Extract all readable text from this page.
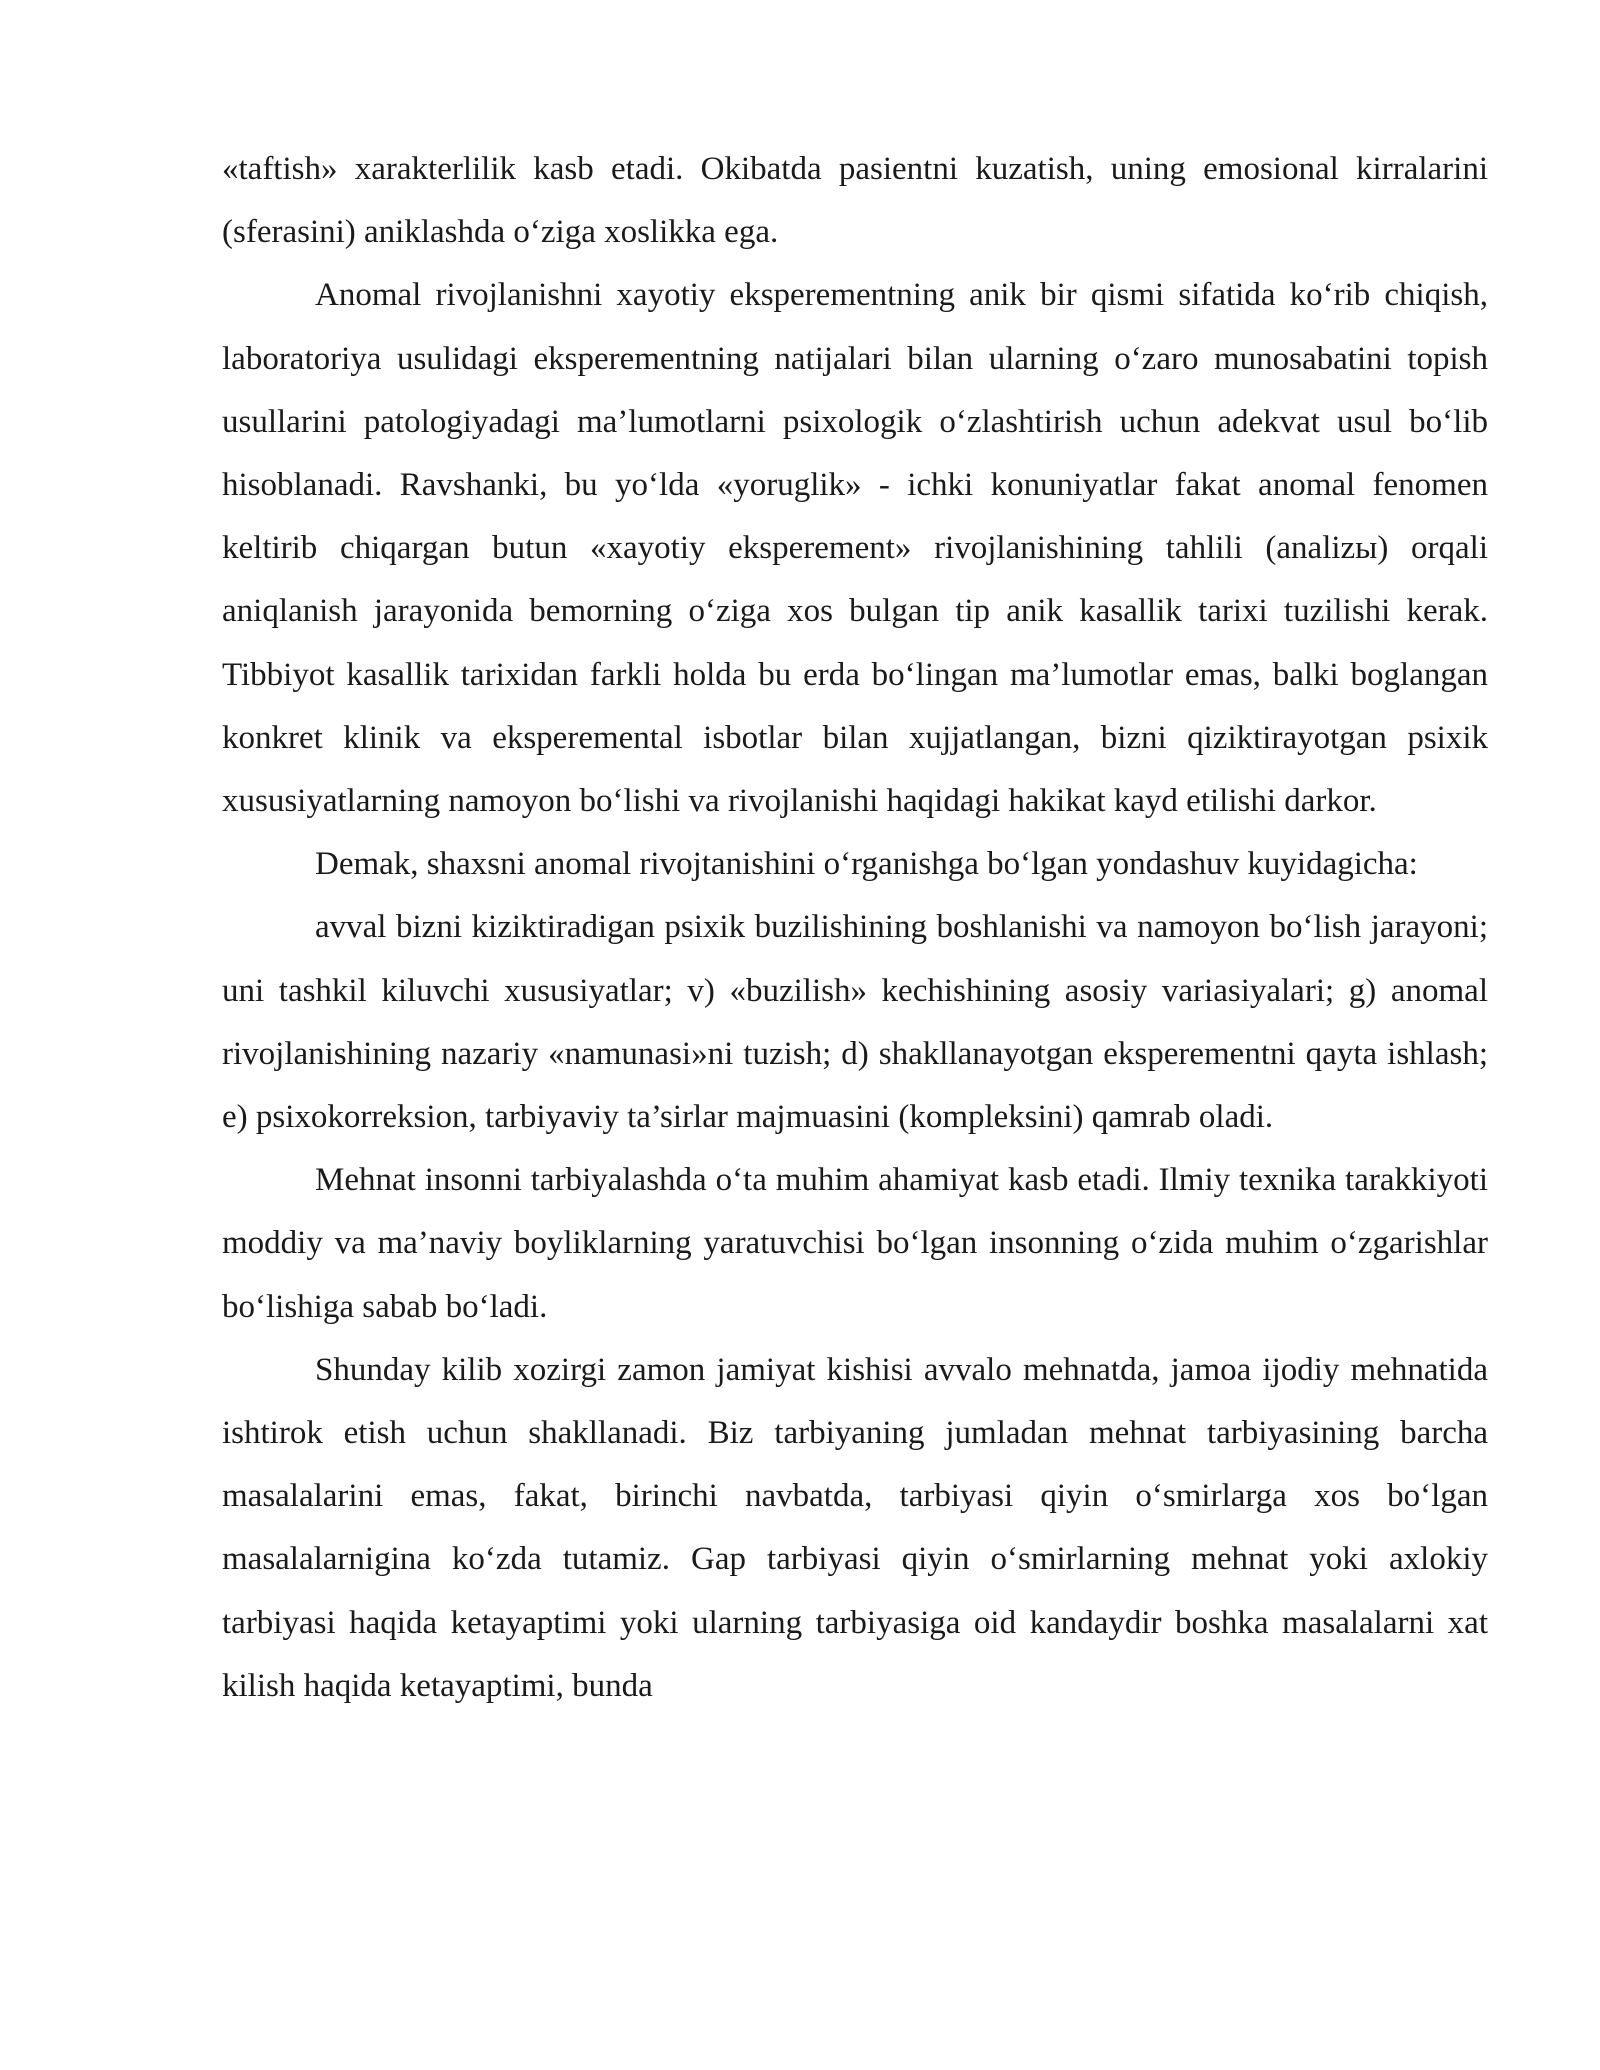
«taftish» xarakterlilik kasb etadi. Okibatda pasientni kuzatish, uning emosional kirralarini (sferasini) aniklashda o‘ziga xoslikka ega.

Anomal rivojlanishni xayotiy eksperementning anik bir qismi sifatida ko‘rib chiqish, laboratoriya usulidagi eksperementning natijalari bilan ularning o‘zaro munosabatini topish usullarini patologiyadagi ma’lumotlarni psixologik o‘zlashtirish uchun adekvat usul bo‘lib hisoblanadi. Ravshanki, bu yo‘lda «yoruglik» - ichki konuniyatlar fakat anomal fenomen keltirib chiqargan butun «xayotiy eksperement» rivojlanishining tahlili (analizы) orqali aniqlanish jarayonida bemorning o‘ziga xos bulgan tip anik kasallik tarixi tuzilishi kerak. Tibbiyot kasallik tarixidan farkli holda bu erda bo‘lingan ma’lumotlar emas, balki boglangan konkret klinik va eksperemental isbotlar bilan xujjatlangan, bizni qiziktirayotgan psixik xususiyatlarning namoyon bo‘lishi va rivojlanishi haqidagi hakikat kayd etilishi darkor.

Demak, shaxsni anomal rivojtanishini o‘rganishga bo‘lgan yondashuv kuyidagicha:

avval bizni kiziktiradigan psixik buzilishining boshlanishi va namoyon bo‘lish jarayoni; uni tashkil kiluvchi xususiyatlar; v) «buzilish» kechishining asosiy variasiyalari; g) anomal rivojlanishining nazariy «namunasi»ni tuzish; d) shakllanayotgan eksperementni qayta ishlash; e) psixokorreksion, tarbiyaviy ta’sirlar majmuasini (kompleksini) qamrab oladi.

Mehnat insonni tarbiyalashda o‘ta muhim ahamiyat kasb etadi. Ilmiy texnika tarakkiyoti moddiy va ma’naviy boyliklarning yaratuvchisi bo‘lgan insonning o‘zida muhim o‘zgarishlar bo‘lishiga sabab bo‘ladi.

Shunday kilib xozirgi zamon jamiyat kishisi avvalo mehnatda, jamoa ijodiy mehnatida ishtirok etish uchun shakllanadi. Biz tarbiyaning jumladan mehnat tarbiyasining barcha masalalarini emas, fakat, birinchi navbatda, tarbiyasi qiyin o‘smirlarga xos bo‘lgan masalalarnigina ko‘zda tutamiz. Gap tarbiyasi qiyin o‘smirlarning mehnat yoki axlokiy tarbiyasi haqida ketayaptimi yoki ularning tarbiyasiga oid kandaydir boshka masalalarni xat kilish haqida ketayaptimi, bunda
